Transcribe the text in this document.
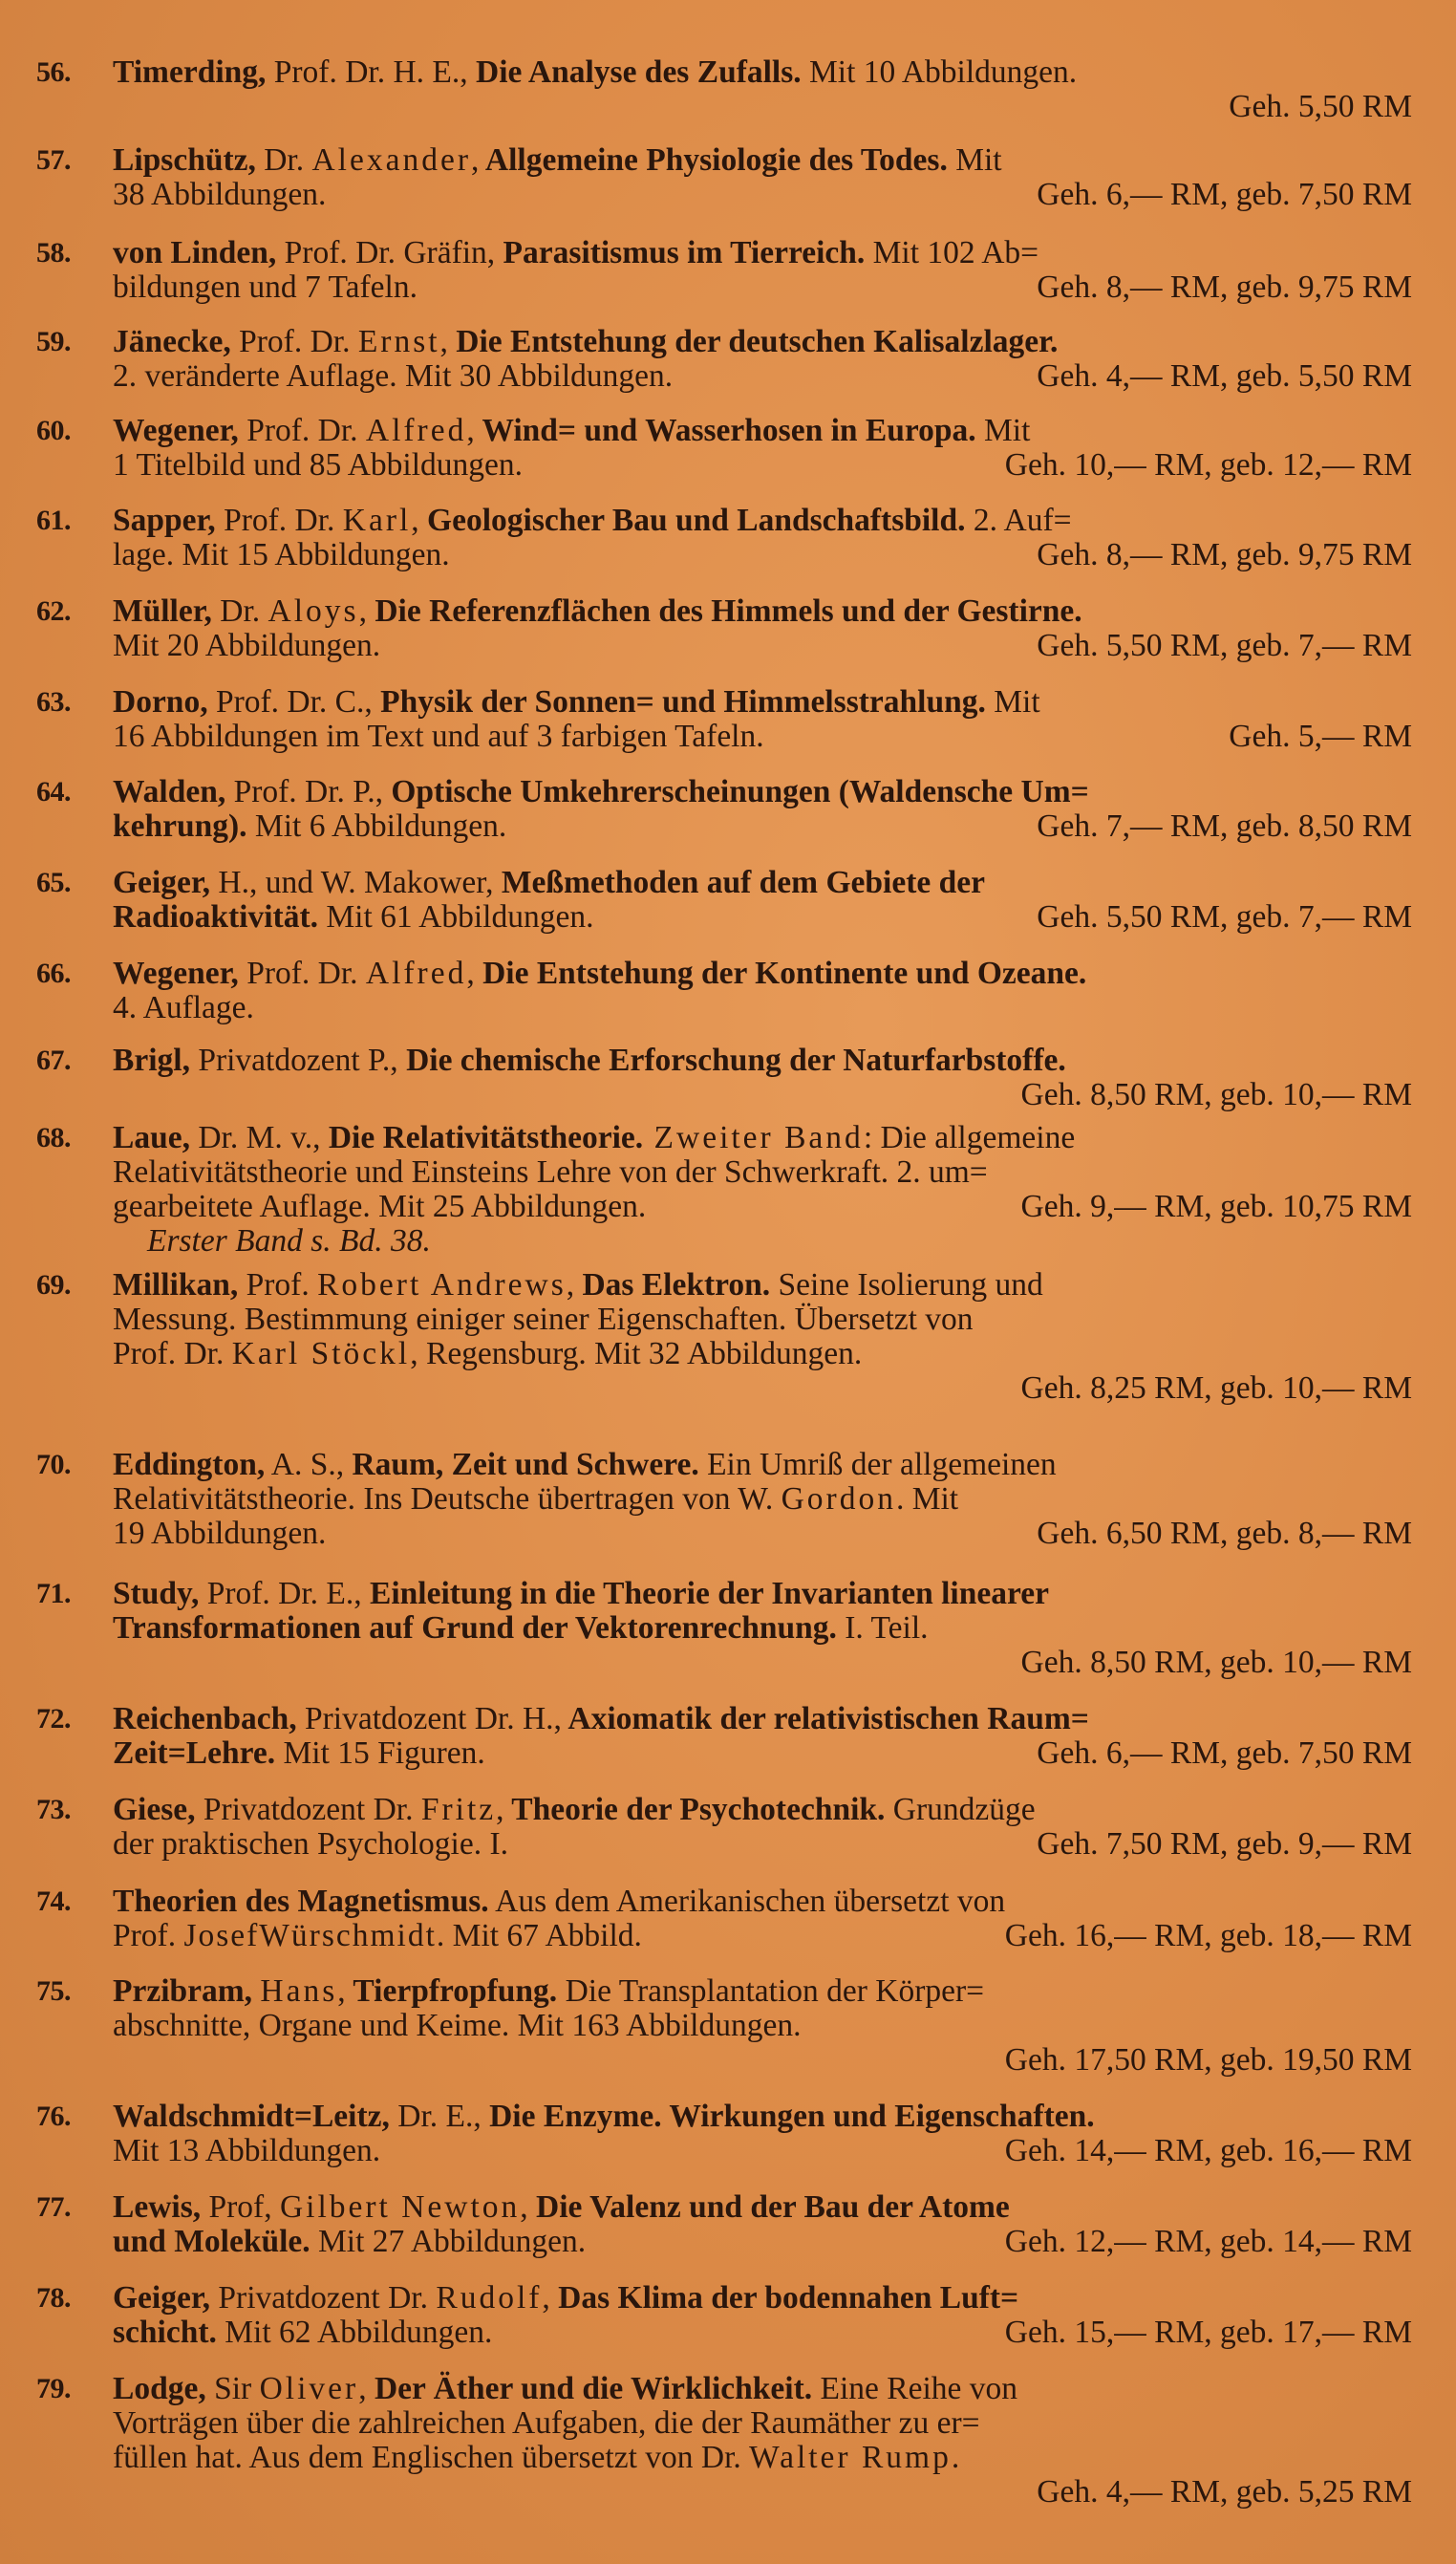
56.	Timerding, Prof. Dr. H. E., Die Analyse des Zufalls. Mit 10 Abbildungen.
Geh. 5,50 RM
57.	Lipschütz, Dr. Alexander, Allgemeine Physiologie des Todes. Mit
38 Abbildungen.	Geh. 6,— RM, geb. 7,50 RM
58.	von Linden, Prof. Dr. Gräfin, Parasitismus im Tierreich. Mit 102 Ab=
bildungen und 7 Tafeln.	Geh. 8,— RM, geb. 9,75 RM
59.	Jänecke, Prof. Dr. Ernst, Die Entstehung der deutschen Kalisalzlager.
2. veränderte Auflage. Mit 30 Abbildungen.	Geh. 4,— RM, geb. 5,50 RM
60.	Wegener, Prof. Dr. Alfred, Wind= und Wasserhosen in Europa. Mit
1 Titelbild und 85 Abbildungen.	Geh. 10,— RM, geb. 12,— RM
61.	Sapper, Prof. Dr. Karl, Geologischer Bau und Landschaftsbild. 2. Auf=
lage. Mit 15 Abbildungen.	Geh. 8,— RM, geb. 9,75 RM
62.	Müller, Dr. Aloys, Die Referenzflächen des Himmels und der Gestirne.
Mit 20 Abbildungen.	Geh. 5,50 RM, geb. 7,— RM
63.	Dorno, Prof. Dr. C., Physik der Sonnen= und Himmelsstrahlung. Mit
16 Abbildungen im Text und auf 3 farbigen Tafeln.	Geh. 5,— RM
64.	Walden, Prof. Dr. P., Optische Umkehrerscheinungen (Waldensche Um=
kehrung). Mit 6 Abbildungen.	Geh. 7,— RM, geb. 8,50 RM
65.	Geiger, H., und W. Makower, Meßmethoden auf dem Gebiete der
Radioaktivität. Mit 61 Abbildungen.	Geh. 5,50 RM, geb. 7,— RM
66.	Wegener, Prof. Dr. Alfred, Die Entstehung der Kontinente und Ozeane.
4. Auflage.
67.	Brigl, Privatdozent P., Die chemische Erforschung der Naturfarbstoffe.
Geh. 8,50 RM, geb. 10,— RM
68.	Laue, Dr. M. v., Die Relativitätstheorie. Zweiter Band: Die allgemeine
Relativitätstheorie und Einsteins Lehre von der Schwerkraft. 2. um=
gearbeitete Auflage. Mit 25 Abbildungen.	Geh. 9,— RM, geb. 10,75 RM
Erster Band s. Bd. 38.
69.	Millikan, Prof. Robert Andrews, Das Elektron. Seine Isolierung und
Messung. Bestimmung einiger seiner Eigenschaften. Übersetzt von
Prof. Dr. Karl Stöckl, Regensburg. Mit 32 Abbildungen.
Geh. 8,25 RM, geb. 10,— RM
70.	Eddington, A. S., Raum, Zeit und Schwere. Ein Umriß der allgemeinen
Relativitätstheorie. Ins Deutsche übertragen von W. Gordon. Mit
19 Abbildungen.	Geh. 6,50 RM, geb. 8,— RM
71.	Study, Prof. Dr. E., Einleitung in die Theorie der Invarianten linearer
Transformationen auf Grund der Vektorenrechnung. I. Teil.
Geh. 8,50 RM, geb. 10,— RM
72.	Reichenbach, Privatdozent Dr. H., Axiomatik der relativistischen Raum=
Zeit=Lehre. Mit 15 Figuren.	Geh. 6,— RM, geb. 7,50 RM
73.	Giese, Privatdozent Dr. Fritz, Theorie der Psychotechnik. Grundzüge
der praktischen Psychologie. I.	Geh. 7,50 RM, geb. 9,— RM
74.	Theorien des Magnetismus. Aus dem Amerikanischen übersetzt von
Prof. JosefWürschmidt. Mit 67 Abbild.	Geh. 16,— RM, geb. 18,— RM
75.	Przibram, Hans, Tierpfropfung. Die Transplantation der Körper=
abschnitte, Organe und Keime. Mit 163 Abbildungen.
Geh. 17,50 RM, geb. 19,50 RM
76.	Waldschmidt=Leitz, Dr. E., Die Enzyme. Wirkungen und Eigenschaften.
Mit 13 Abbildungen.	Geh. 14,— RM, geb. 16,— RM
77.	Lewis, Prof, Gilbert Newton, Die Valenz und der Bau der Atome
und Moleküle. Mit 27 Abbildungen.	Geh. 12,— RM, geb. 14,— RM
78.	Geiger, Privatdozent Dr. Rudolf, Das Klima der bodennahen Luft=
schicht. Mit 62 Abbildungen.	Geh. 15,— RM, geb. 17,— RM
79.	Lodge, Sir Oliver, Der Äther und die Wirklichkeit. Eine Reihe von
Vorträgen über die zahlreichen Aufgaben, die der Raumäther zu er=
füllen hat. Aus dem Englischen übersetzt von Dr. Walter Rump.
Geh. 4,— RM, geb. 5,25 RM
